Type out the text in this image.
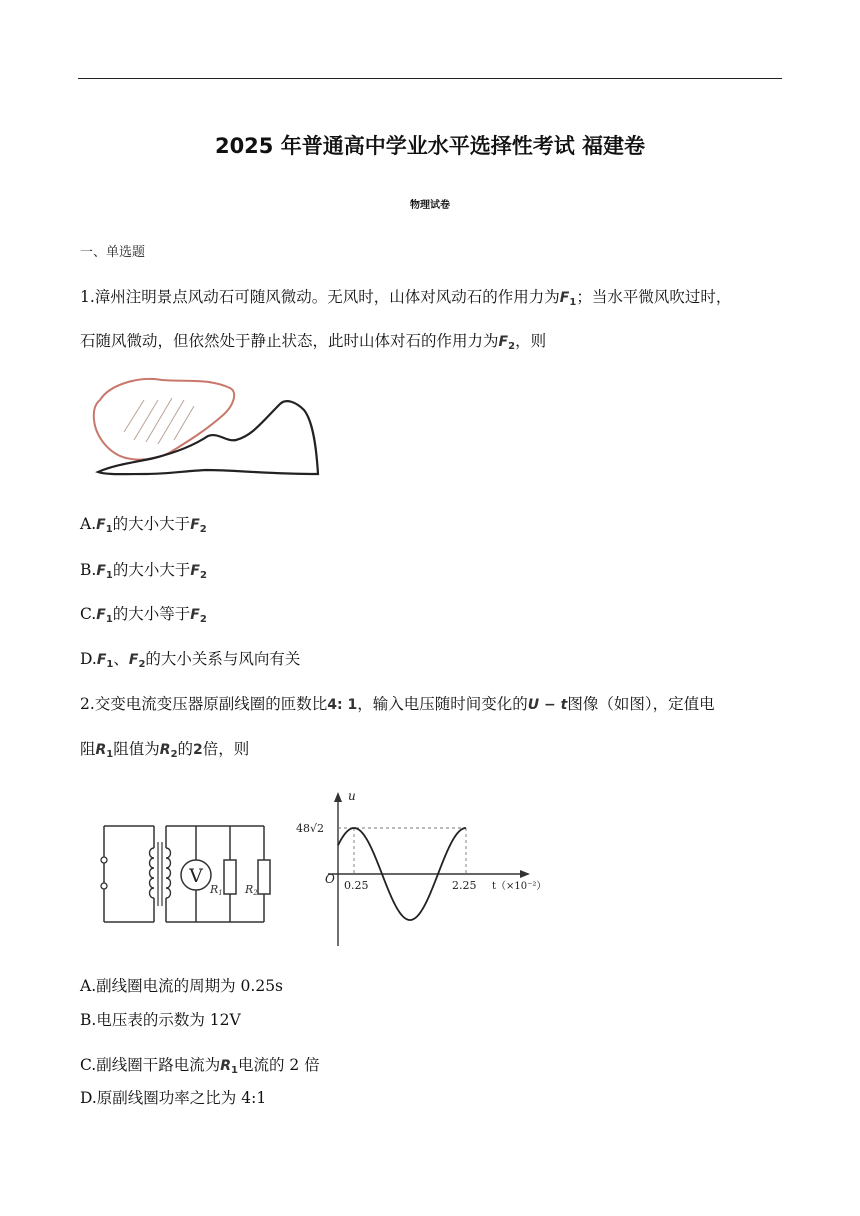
2025 年普通高中学业水平选择性考试 福建卷
物理试卷
一、单选题
1.漳州注明景点风动石可随风微动。无风时，山体对风动石的作用力为$F_1$；当水平微风吹过时，
石随风微动，但依然处于静止状态，此时山体对石的作用力为$F_2$，则
$A.F_1$的大小大于$F_2$
$B.F_1$的大小大于$F_2$
$C.F_1$的大小等于$F_2$
$D.F_1$、$F_2$的大小关系与风向有关
2.交变电流变压器原副线圈的匝数比4: 1，输入电压随时间变化的U − t图像（如图），定值电
阻$R_1$阻值为$R_2$的2倍，则
V
R1 R2
u
48√2
O 0.25	2.25 t（×10⁻²）
A.副线圈电流的周期为 0.25s
B.电压表的示数为 12V
C.副线圈干路电流为$R_1$电流的 2 倍
D.原副线圈功率之比为 4:1
